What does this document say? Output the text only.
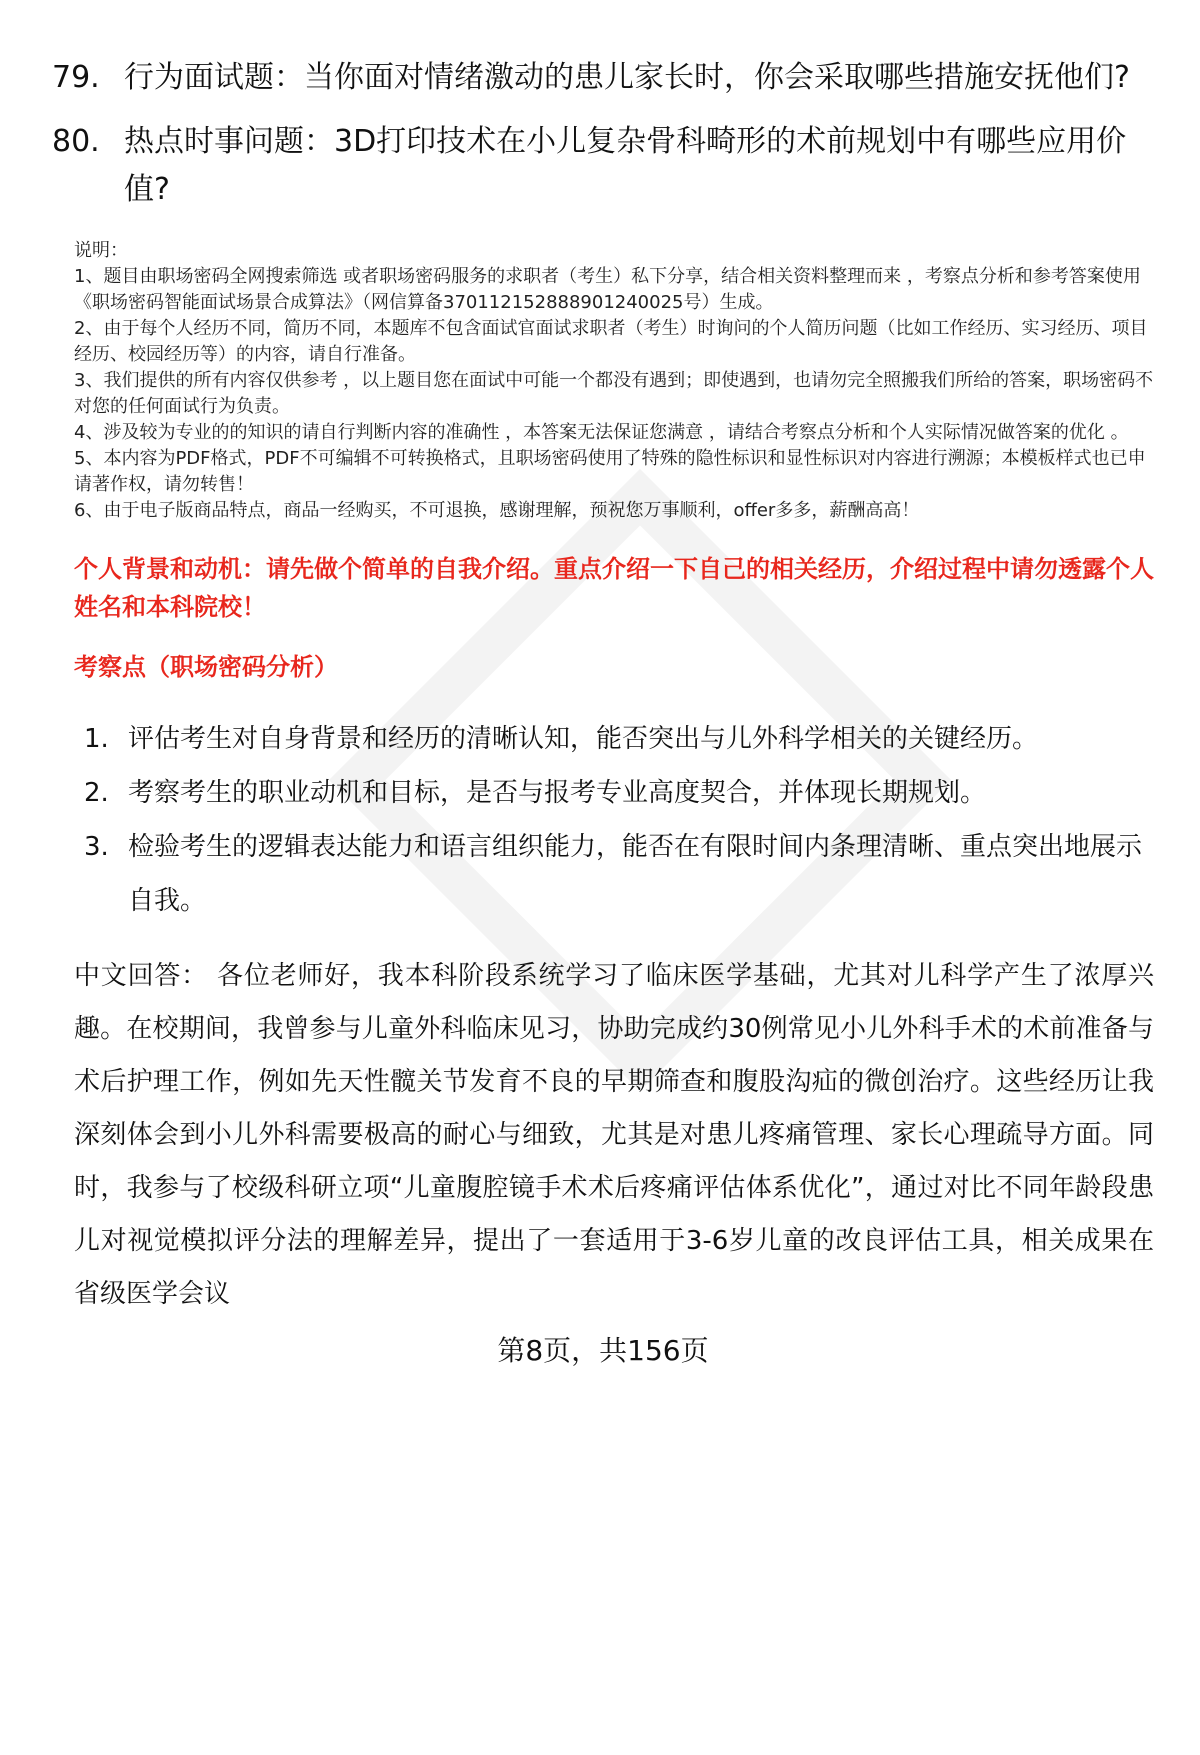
79. 行为面试题：当你面对情绪激动的患儿家长时，你会采取哪些措施安抚他们?
80. 热点时事问题：3D打印技术在小儿复杂骨科畸形的术前规划中有哪些应用价值?
说明：
1、题目由职场密码全网搜索筛选 或者职场密码服务的求职者（考生）私下分享，结合相关资料整理而来 ，考察点分析和参考答案使用《职场密码智能面试场景合成算法》（网信算备370112152888901240025号）生成。
2、由于每个人经历不同，简历不同，本题库不包含面试官面试求职者（考生）时询问的个人简历问题（比如工作经历、实习经历、项目经历、校园经历等）的内容，请自行准备。
3、我们提供的所有内容仅供参考 ，以上题目您在面试中可能一个都没有遇到；即使遇到，也请勿完全照搬我们所给的答案，职场密码不对您的任何面试行为负责。
4、涉及较为专业的的知识的请自行判断内容的准确性 ，本答案无法保证您满意 ，请结合考察点分析和个人实际情况做答案的优化 。
5、本内容为PDF格式，PDF不可编辑不可转换格式，且职场密码使用了特殊的隐性标识和显性标识对内容进行溯源；本模板样式也已申请著作权，请勿转售！
6、由于电子版商品特点，商品一经购买，不可退换，感谢理解，预祝您万事顺利，offer多多，薪酬高高！
个人背景和动机：请先做个简单的自我介绍。重点介绍一下自己的相关经历，介绍过程中请勿透露个人姓名和本科院校！
考察点（职场密码分析）
1. 评估考生对自身背景和经历的清晰认知，能否突出与儿外科学相关的关键经历。
2. 考察考生的职业动机和目标，是否与报考专业高度契合，并体现长期规划。
3. 检验考生的逻辑表达能力和语言组织能力，能否在有限时间内条理清晰、重点突出地展示自我。
中文回答： 各位老师好，我本科阶段系统学习了临床医学基础，尤其对儿科学产生了浓厚兴趣。在校期间，我曾参与儿童外科临床见习，协助完成约30例常见小儿外科手术的术前准备与术后护理工作，例如先天性髋关节发育不良的早期筛查和腹股沟疝的微创治疗。这些经历让我深刻体会到小儿外科需要极高的耐心与细致，尤其是对患儿疼痛管理、家长心理疏导方面。同时，我参与了校级科研立项“儿童腹腔镜手术术后疼痛评估体系优化”，通过对比不同年龄段患儿对视觉模拟评分法的理解差异，提出了一套适用于3-6岁儿童的改良评估工具，相关成果在省级医学会议
第8页，共156页
